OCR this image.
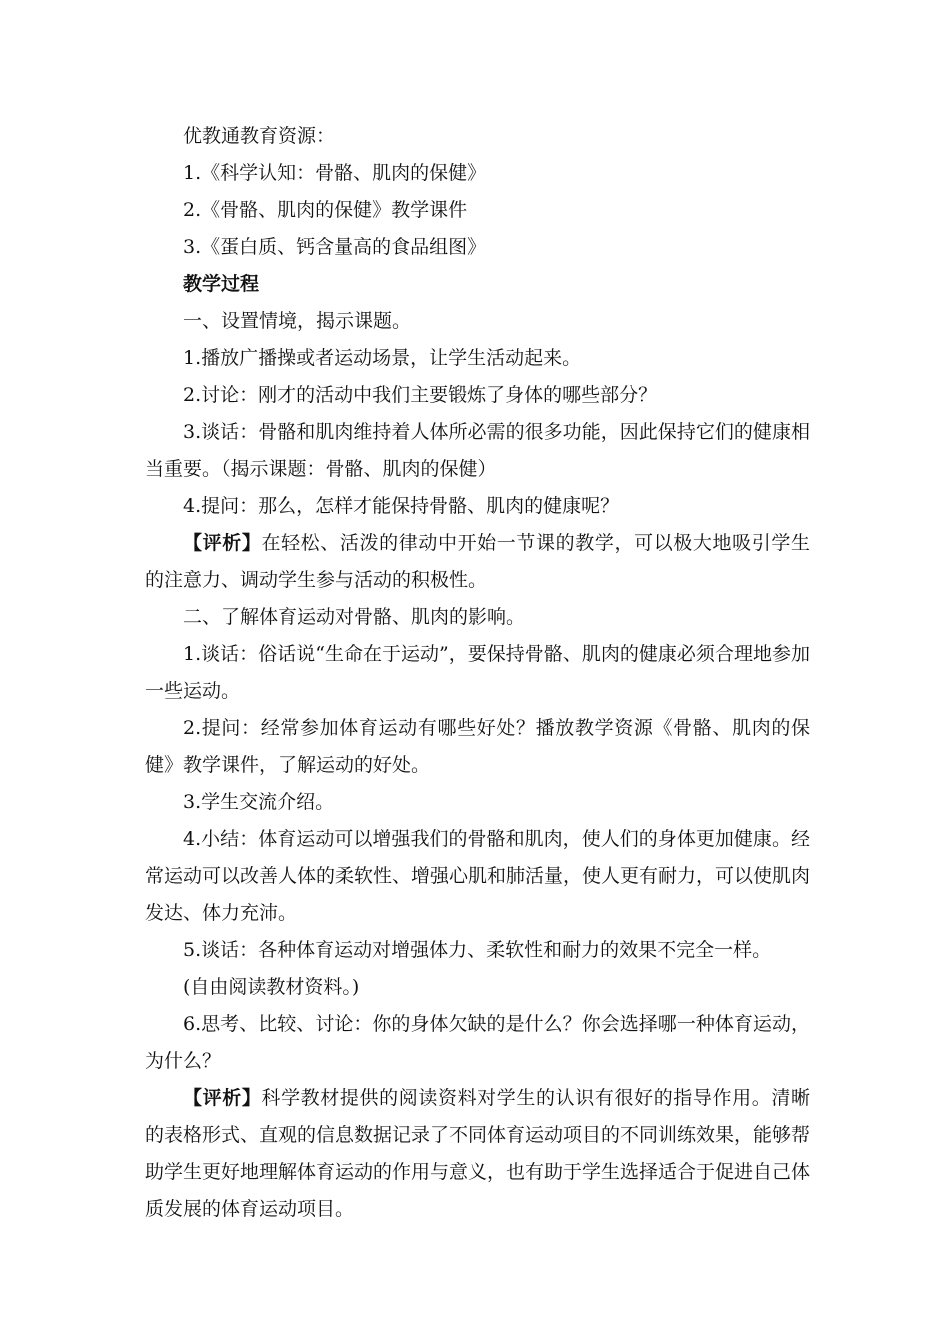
优教通教育资源：

1.《科学认知：骨骼、肌肉的保健》

2.《骨骼、肌肉的保健》教学课件

3.《蛋白质、钙含量高的食品组图》

教学过程

一、设置情境，揭示课题。

1.播放广播操或者运动场景，让学生活动起来。

2.讨论：刚才的活动中我们主要锻炼了身体的哪些部分？

3.谈话：骨骼和肌肉维持着人体所必需的很多功能，因此保持它们的健康相当重要。（揭示课题：骨骼、肌肉的保健）

4.提问：那么，怎样才能保持骨骼、肌肉的健康呢？

【评析】在轻松、活泼的律动中开始一节课的教学，可以极大地吸引学生的注意力、调动学生参与活动的积极性。

二、了解体育运动对骨骼、肌肉的影响。

1.谈话：俗话说“生命在于运动”，要保持骨骼、肌肉的健康必须合理地参加一些运动。

2.提问：经常参加体育运动有哪些好处？播放教学资源《骨骼、肌肉的保健》教学课件，了解运动的好处。

3.学生交流介绍。

4.小结：体育运动可以增强我们的骨骼和肌肉，使人们的身体更加健康。经常运动可以改善人体的柔软性、增强心肌和肺活量，使人更有耐力，可以使肌肉发达、体力充沛。

5.谈话：各种体育运动对增强体力、柔软性和耐力的效果不完全一样。

(自由阅读教材资料。)

6.思考、比较、讨论：你的身体欠缺的是什么？你会选择哪一种体育运动，为什么？

【评析】科学教材提供的阅读资料对学生的认识有很好的指导作用。清晰的表格形式、直观的信息数据记录了不同体育运动项目的不同训练效果，能够帮助学生更好地理解体育运动的作用与意义，也有助于学生选择适合于促进自己体质发展的体育运动项目。
